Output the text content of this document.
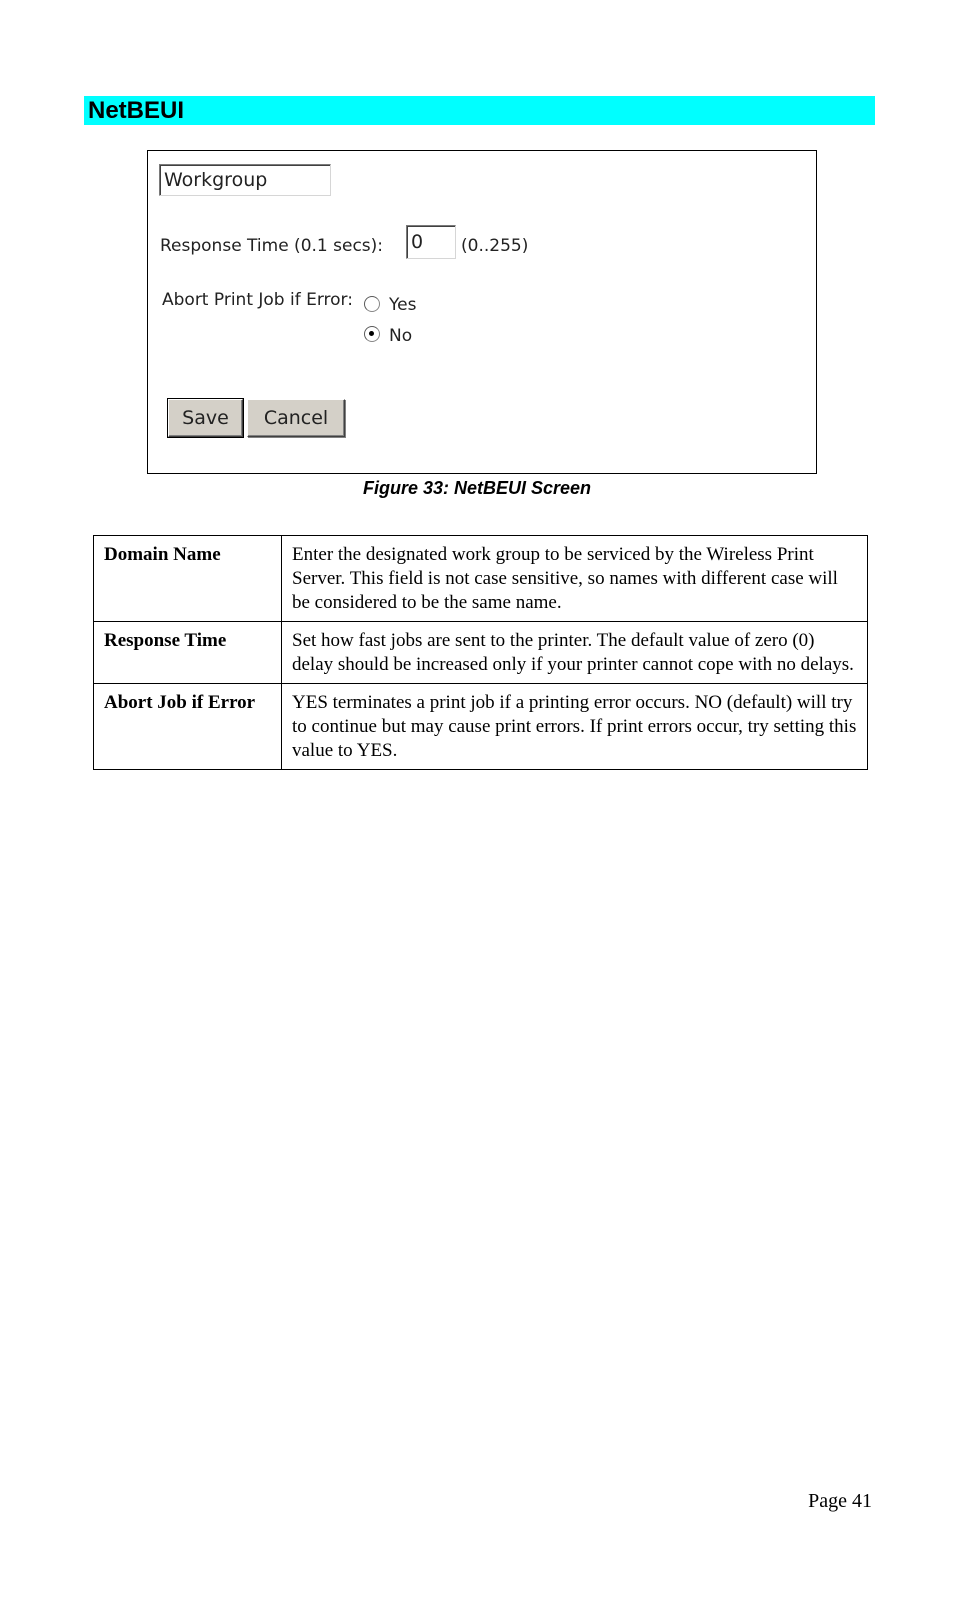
NetBEUI
Workgroup
Response Time (0.1 secs):
0	(0..255)
Abort Print Job if Error: Yes
No
Save	Cancel
Figure 33: NetBEUI Screen
Domain Name	Enter the designated work group to be serviced by the Wireless Print Server. This field is not case sensitive, so names with different case will be considered to be the same name.
Response Time	Set how fast jobs are sent to the printer. The default value of zero (0) delay should be increased only if your printer cannot cope with no delays.
Abort Job if Error	YES terminates a print job if a printing error occurs. NO (default) will try to continue but may cause print errors. If print errors occur, try setting this value to YES.
Page 41
